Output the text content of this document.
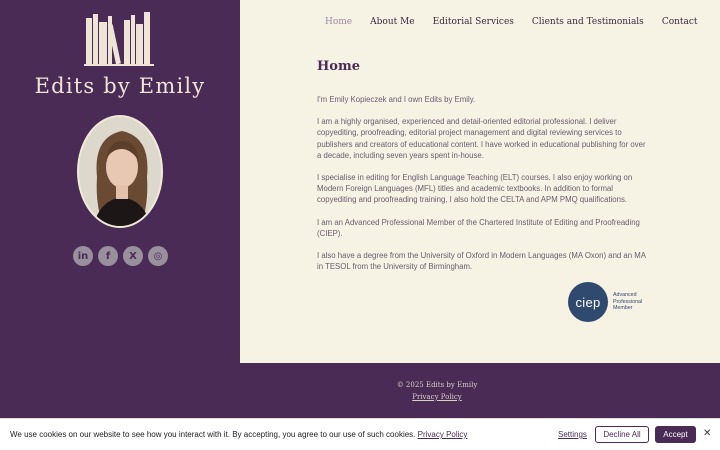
Edits by Emily
in	f	X	◎
Home About Me Editorial Services Clients and Testimonials Contact
Home

I'm Emily Kopieczek and I own Edits by Emily.

I am a highly organised, experienced and detail-oriented editorial professional. I deliver copyediting, proofreading, editorial project management and digital reviewing services to publishers and creators of educational content. I have worked in educational publishing for over a decade, including seven years spent in-house.

I specialise in editing for English Language Teaching (ELT) courses. I also enjoy working on Modern Foreign Languages (MFL) titles and academic textbooks. In addition to formal copyediting and proofreading training, I also hold the CELTA and APM PMQ qualifications.

I am an Advanced Professional Member of the Chartered Institute of Editing and Proofreading (CIEP).

I also have a degree from the University of Oxford in Modern Languages (MA Oxon) and an MA in TESOL from the University of Birmingham.

ciep	Advanced
Professional
Member
© 2025 Edits by Emily
Privacy Policy
We use cookies on our website to see how you interact with it. By accepting, you agree to our use of such cookies. Privacy Policy	Settings	Decline All	Accept	✕
